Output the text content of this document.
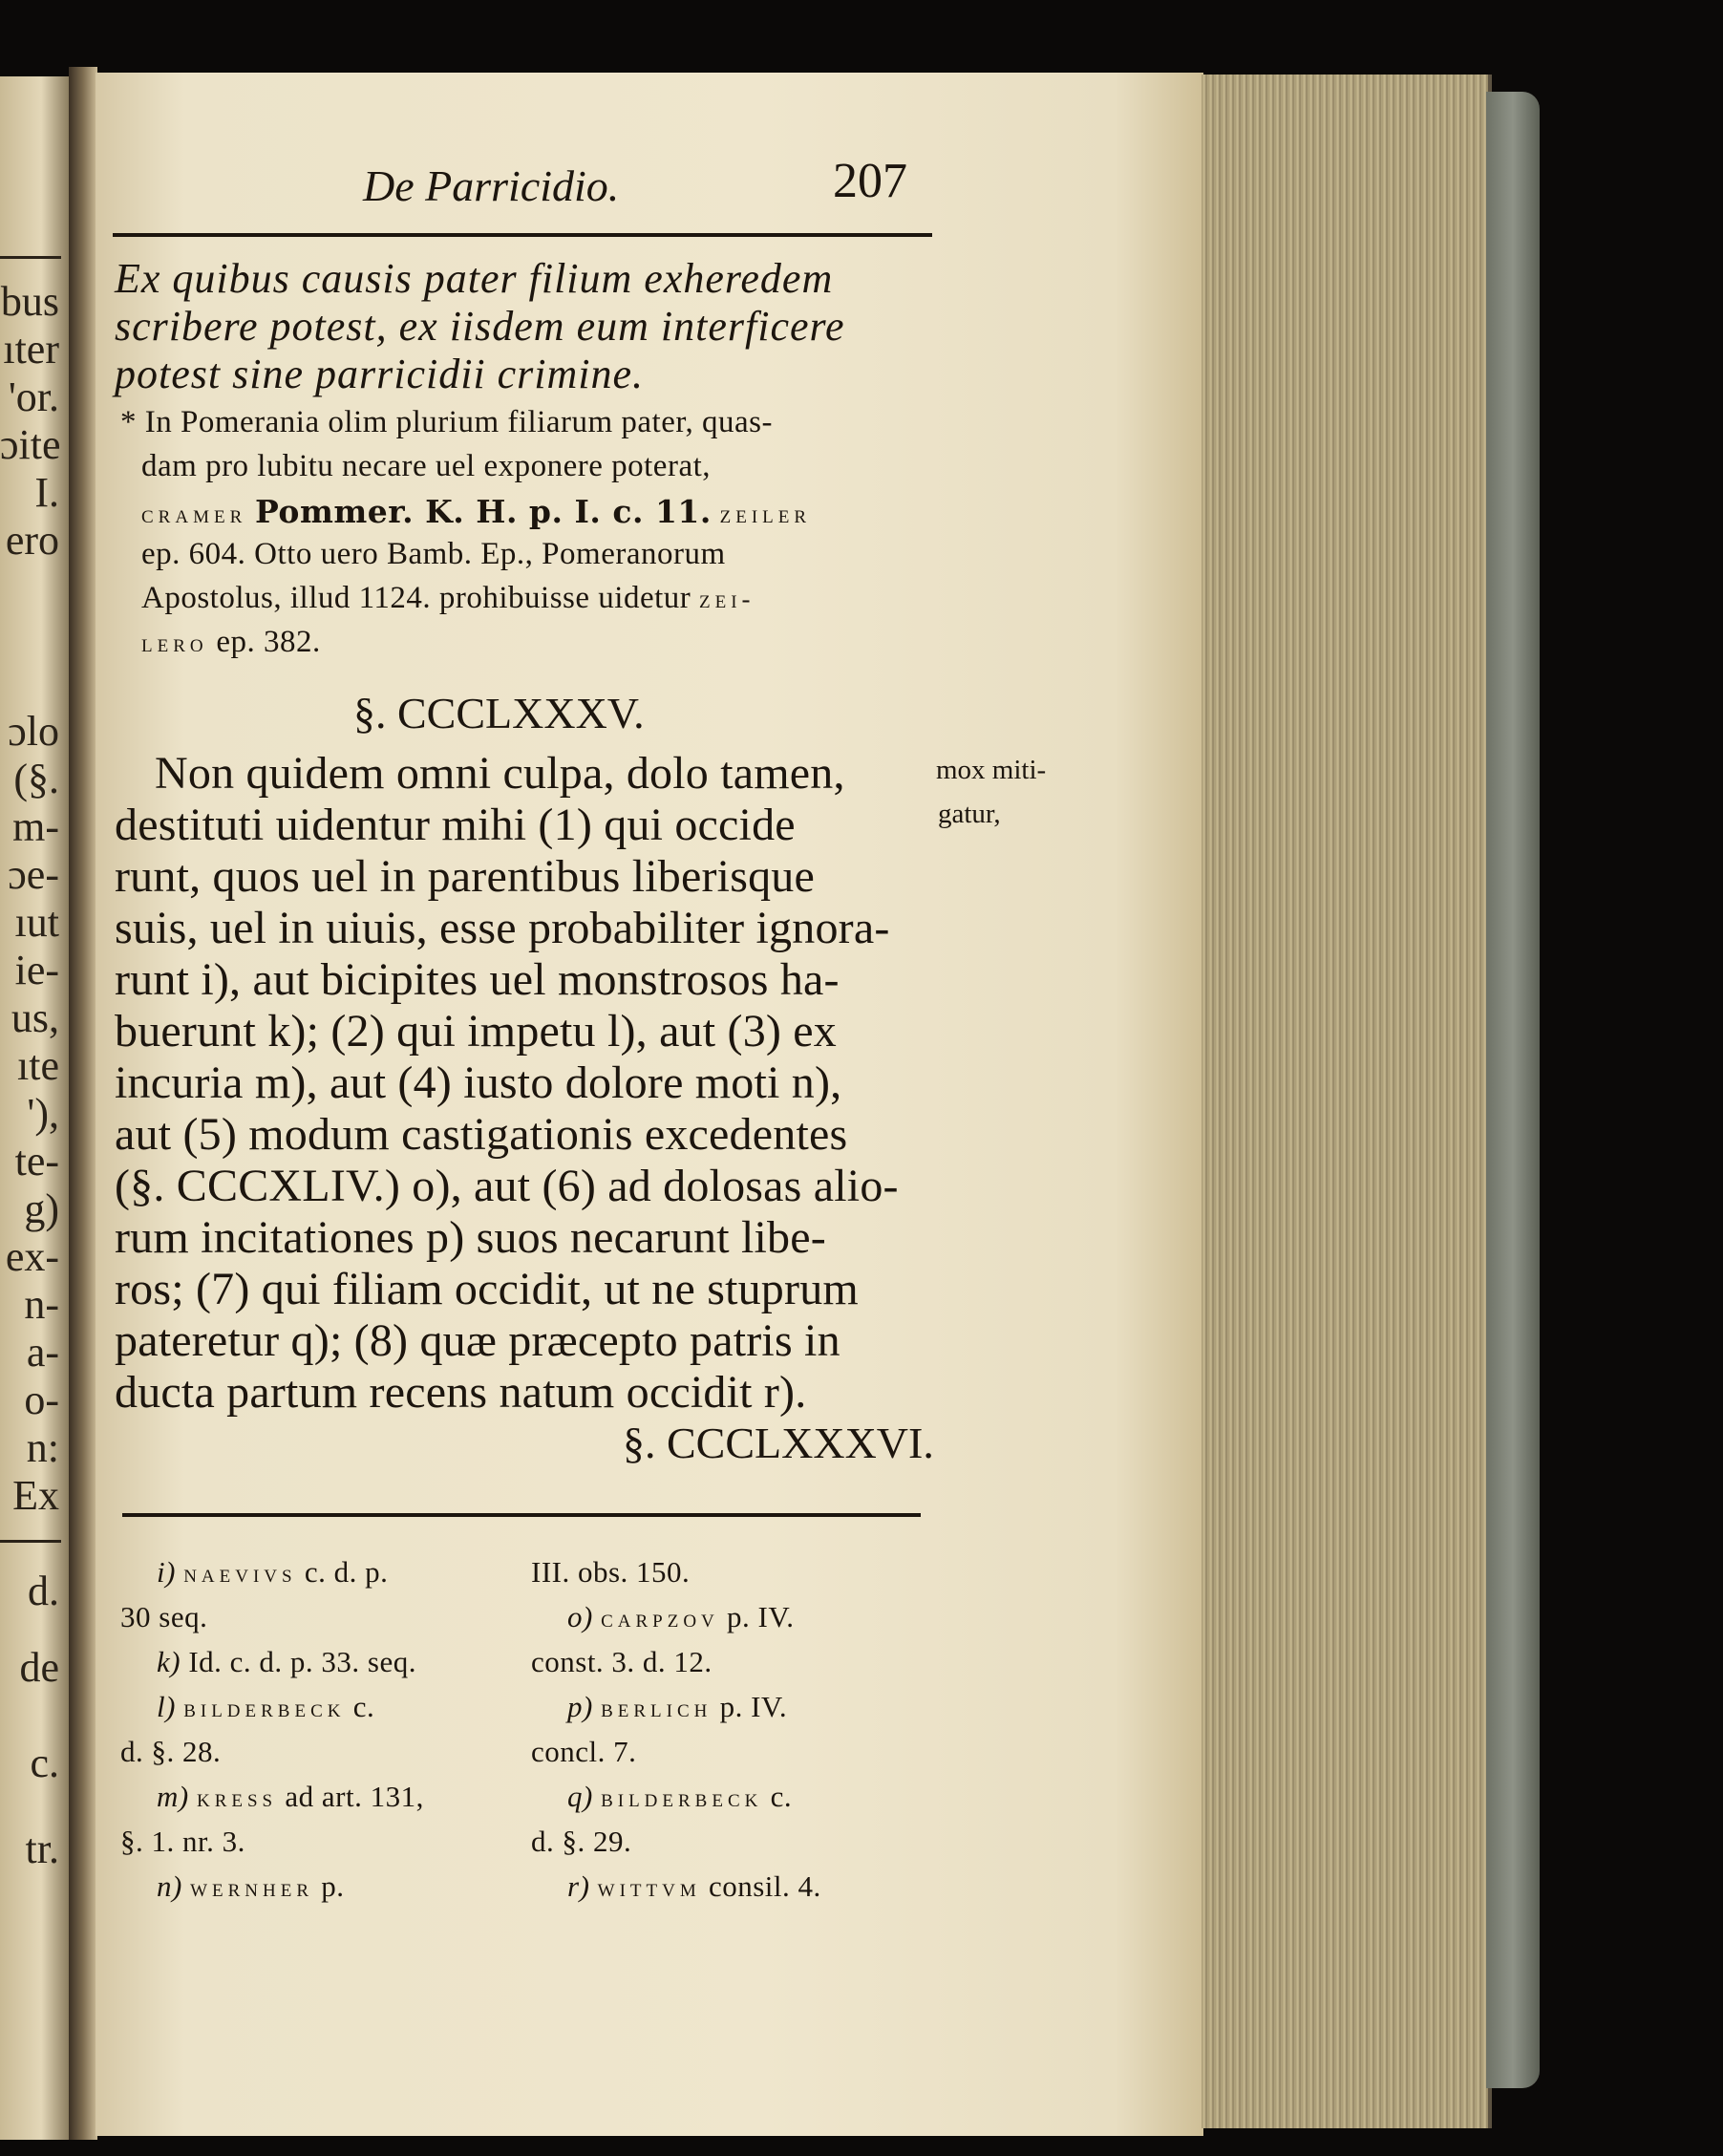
bus
ıter
'or.
ɔite
I.
ero
ɔlo
(§.
m-
ɔe-
ıut
ie-
us,
ıte
'),
te-
g)
ex-
n-
a-
o-
n:
Ex
d.
de
c.
tr.
De Parricidio.	207
Ex quibus causis pater filium exheredem
scribere potest, ex iisdem eum interficere
potest sine parricidii crimine.
* In Pomerania olim plurium filiarum pater, quas-
dam pro lubitu necare uel exponere poterat,
cramer Pommer. K. H. p. I. c. 11. zeiler
ep. 604. Otto uero Bamb. Ep., Pomeranorum
Apostolus, illud 1124. prohibuisse uidetur zei-
lero ep. 382.
§. CCCLXXXV.
Non quidem omni culpa, dolo tamen,
destituti uidentur mihi (1) qui occide
runt, quos uel in parentibus liberisque
suis, uel in uiuis, esse probabiliter ignora-
runt i), aut bicipites uel monstrosos ha-
buerunt k); (2) qui impetu l), aut (3) ex
incuria m), aut (4) iusto dolore moti n),
aut (5) modum castigationis excedentes
(§. CCCXLIV.) o), aut (6) ad dolosas alio-
rum incitationes p) suos necarunt libe-
ros; (7) qui filiam occidit, ut ne stuprum
pateretur q); (8) quæ præcepto patris in
ducta partum recens natum occidit r).
mox miti-
gatur,
§. CCCLXXXVI.
i) naevivs c. d. p.
30 seq.
k) Id. c. d. p. 33. seq.
l) bilderbeck c.
d. §. 28.
m) kress ad art. 131,
§. 1. nr. 3.
n) wernher p.
III. obs. 150.
o) carpzov p. IV.
const. 3. d. 12.
p) berlich p. IV.
concl. 7.
q) bilderbeck c.
d. §. 29.
r) wittvm consil. 4.
